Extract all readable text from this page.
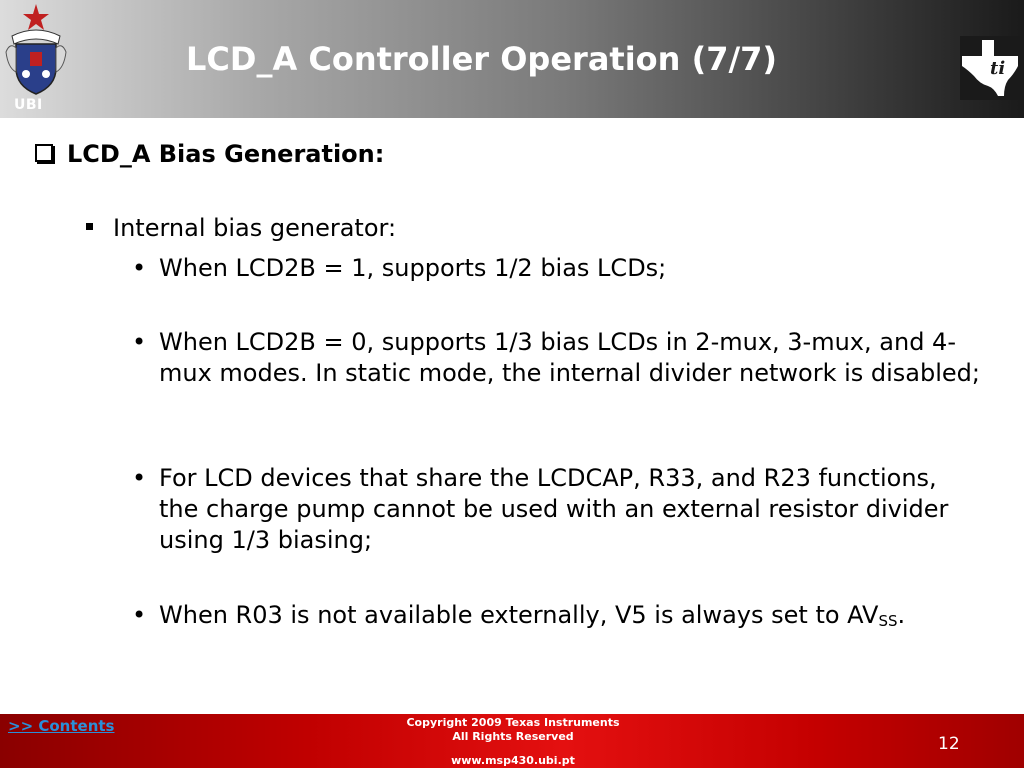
UBI
LCD_A Controller Operation (7/7)	ti
LCD_A Bias Generation:
Internal bias generator:
• When LCD2B = 1, supports 1/2 bias LCDs;
• When LCD2B = 0, supports 1/3 bias LCDs in 2-mux, 3-mux, and 4-mux modes. In static mode, the internal divider network is disabled;
• For LCD devices that share the LCDCAP, R33, and R23 functions, the charge pump cannot be used with an external resistor divider using 1/3 biasing;
• When R03 is not available externally, V5 is always set to $AV_{SS}$.
>> Contents	Copyright 2009 Texas Instruments
All Rights Reserved
www.msp430.ubi.pt
12
